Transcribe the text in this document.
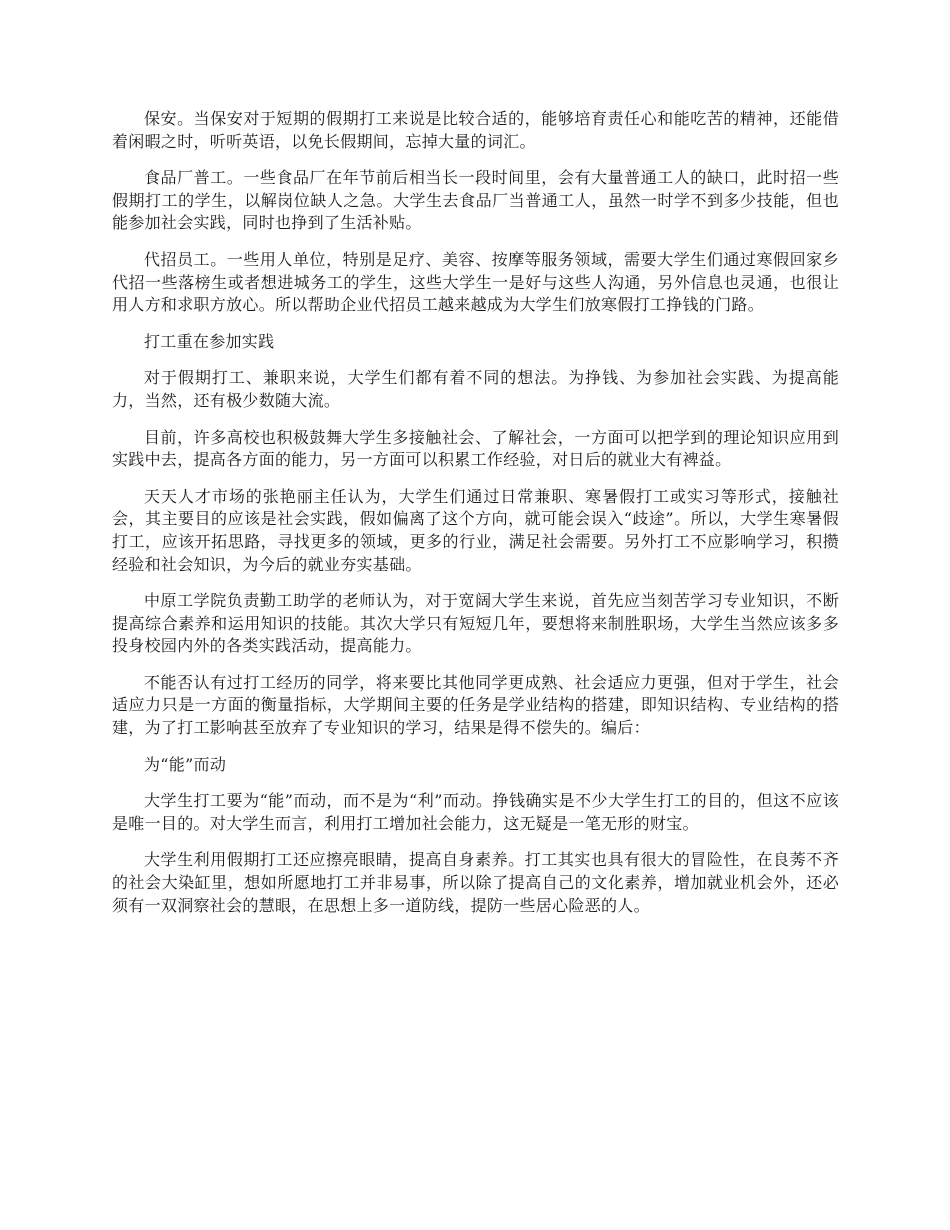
保安。当保安对于短期的假期打工来说是比较合适的，能够培育责任心和能吃苦的精神，还能借着闲暇之时，听听英语，以免长假期间，忘掉大量的词汇。

食品厂普工。一些食品厂在年节前后相当长一段时间里，会有大量普通工人的缺口，此时招一些假期打工的学生，以解岗位缺人之急。大学生去食品厂当普通工人，虽然一时学不到多少技能，但也能参加社会实践，同时也挣到了生活补贴。

代招员工。一些用人单位，特别是足疗、美容、按摩等服务领域，需要大学生们通过寒假回家乡代招一些落榜生或者想进城务工的学生，这些大学生一是好与这些人沟通，另外信息也灵通，也很让用人方和求职方放心。所以帮助企业代招员工越来越成为大学生们放寒假打工挣钱的门路。

打工重在参加实践

对于假期打工、兼职来说，大学生们都有着不同的想法。为挣钱、为参加社会实践、为提高能力，当然，还有极少数随大流。

目前，许多高校也积极鼓舞大学生多接触社会、了解社会，一方面可以把学到的理论知识应用到实践中去，提高各方面的能力，另一方面可以积累工作经验，对日后的就业大有裨益。

天天人才市场的张艳丽主任认为，大学生们通过日常兼职、寒暑假打工或实习等形式，接触社会，其主要目的应该是社会实践，假如偏离了这个方向，就可能会误入“歧途”。所以，大学生寒暑假打工，应该开拓思路，寻找更多的领域，更多的行业，满足社会需要。另外打工不应影响学习，积攒经验和社会知识，为今后的就业夯实基础。

中原工学院负责勤工助学的老师认为，对于宽阔大学生来说，首先应当刻苦学习专业知识，不断提高综合素养和运用知识的技能。其次大学只有短短几年，要想将来制胜职场，大学生当然应该多多投身校园内外的各类实践活动，提高能力。

不能否认有过打工经历的同学，将来要比其他同学更成熟、社会适应力更强，但对于学生，社会适应力只是一方面的衡量指标，大学期间主要的任务是学业结构的搭建，即知识结构、专业结构的搭建，为了打工影响甚至放弃了专业知识的学习，结果是得不偿失的。编后：

为“能”而动

大学生打工要为“能”而动，而不是为“利”而动。挣钱确实是不少大学生打工的目的，但这不应该是唯一目的。对大学生而言，利用打工增加社会能力，这无疑是一笔无形的财宝。

大学生利用假期打工还应擦亮眼睛，提高自身素养。打工其实也具有很大的冒险性，在良莠不齐的社会大染缸里，想如所愿地打工并非易事，所以除了提高自己的文化素养，增加就业机会外，还必须有一双洞察社会的慧眼，在思想上多一道防线，提防一些居心险恶的人。
